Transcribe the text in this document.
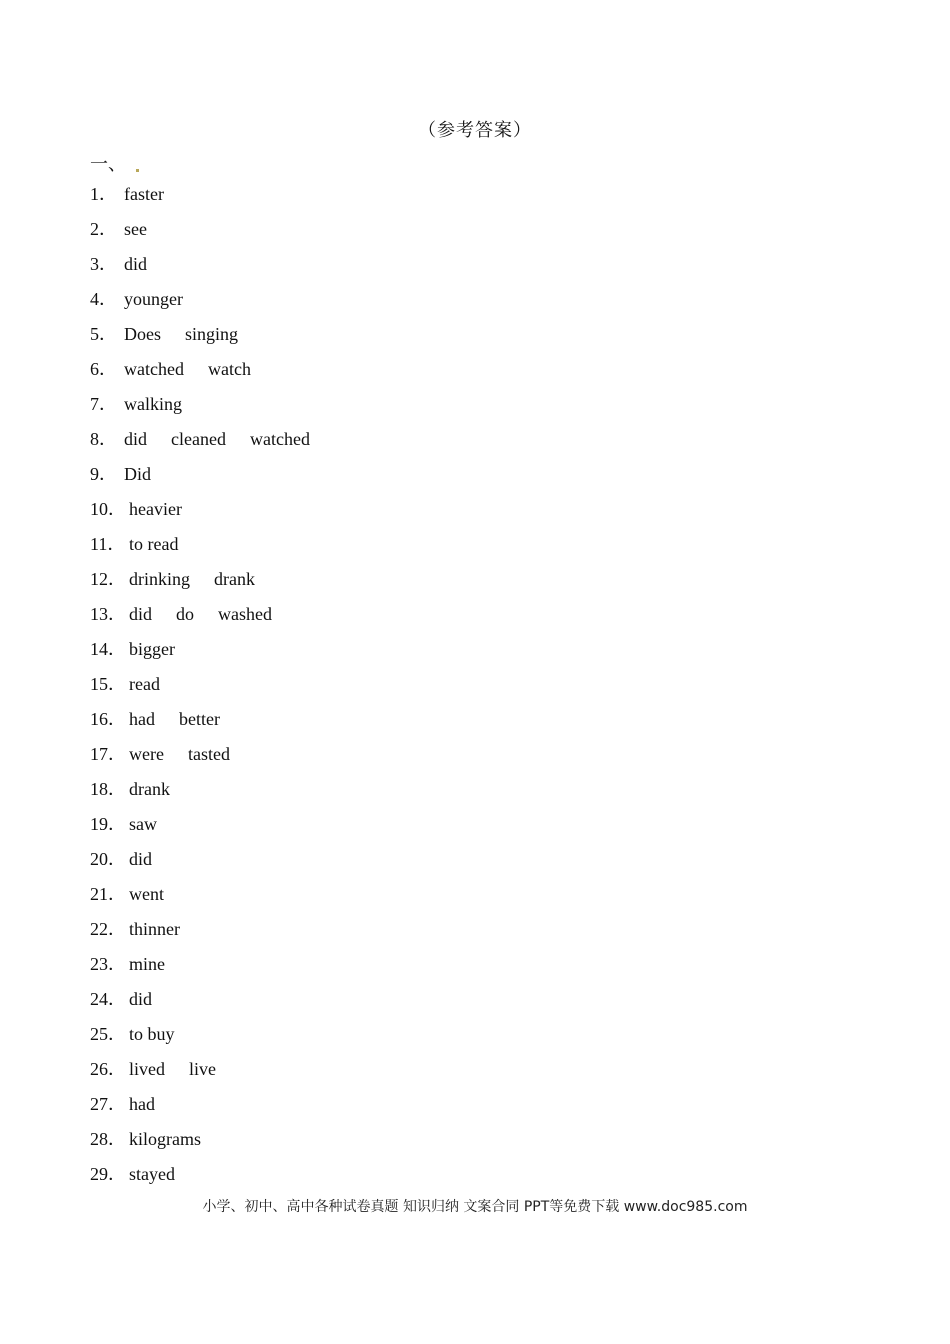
（参考答案）
一、
1． faster
2． see
3． did
4． younger
5． Does singing
6． watched watch
7． walking
8． did cleaned watched
9． Did
10． heavier
11． to read
12． drinking drank
13． did do washed
14． bigger
15． read
16． had better
17． were tasted
18． drank
19． saw
20． did
21． went
22． thinner
23． mine
24． did
25． to buy
26． lived live
27． had
28． kilograms
29． stayed
小学、初中、高中各种试卷真题 知识归纳 文案合同 PPT等免费下载 www.doc985.com
